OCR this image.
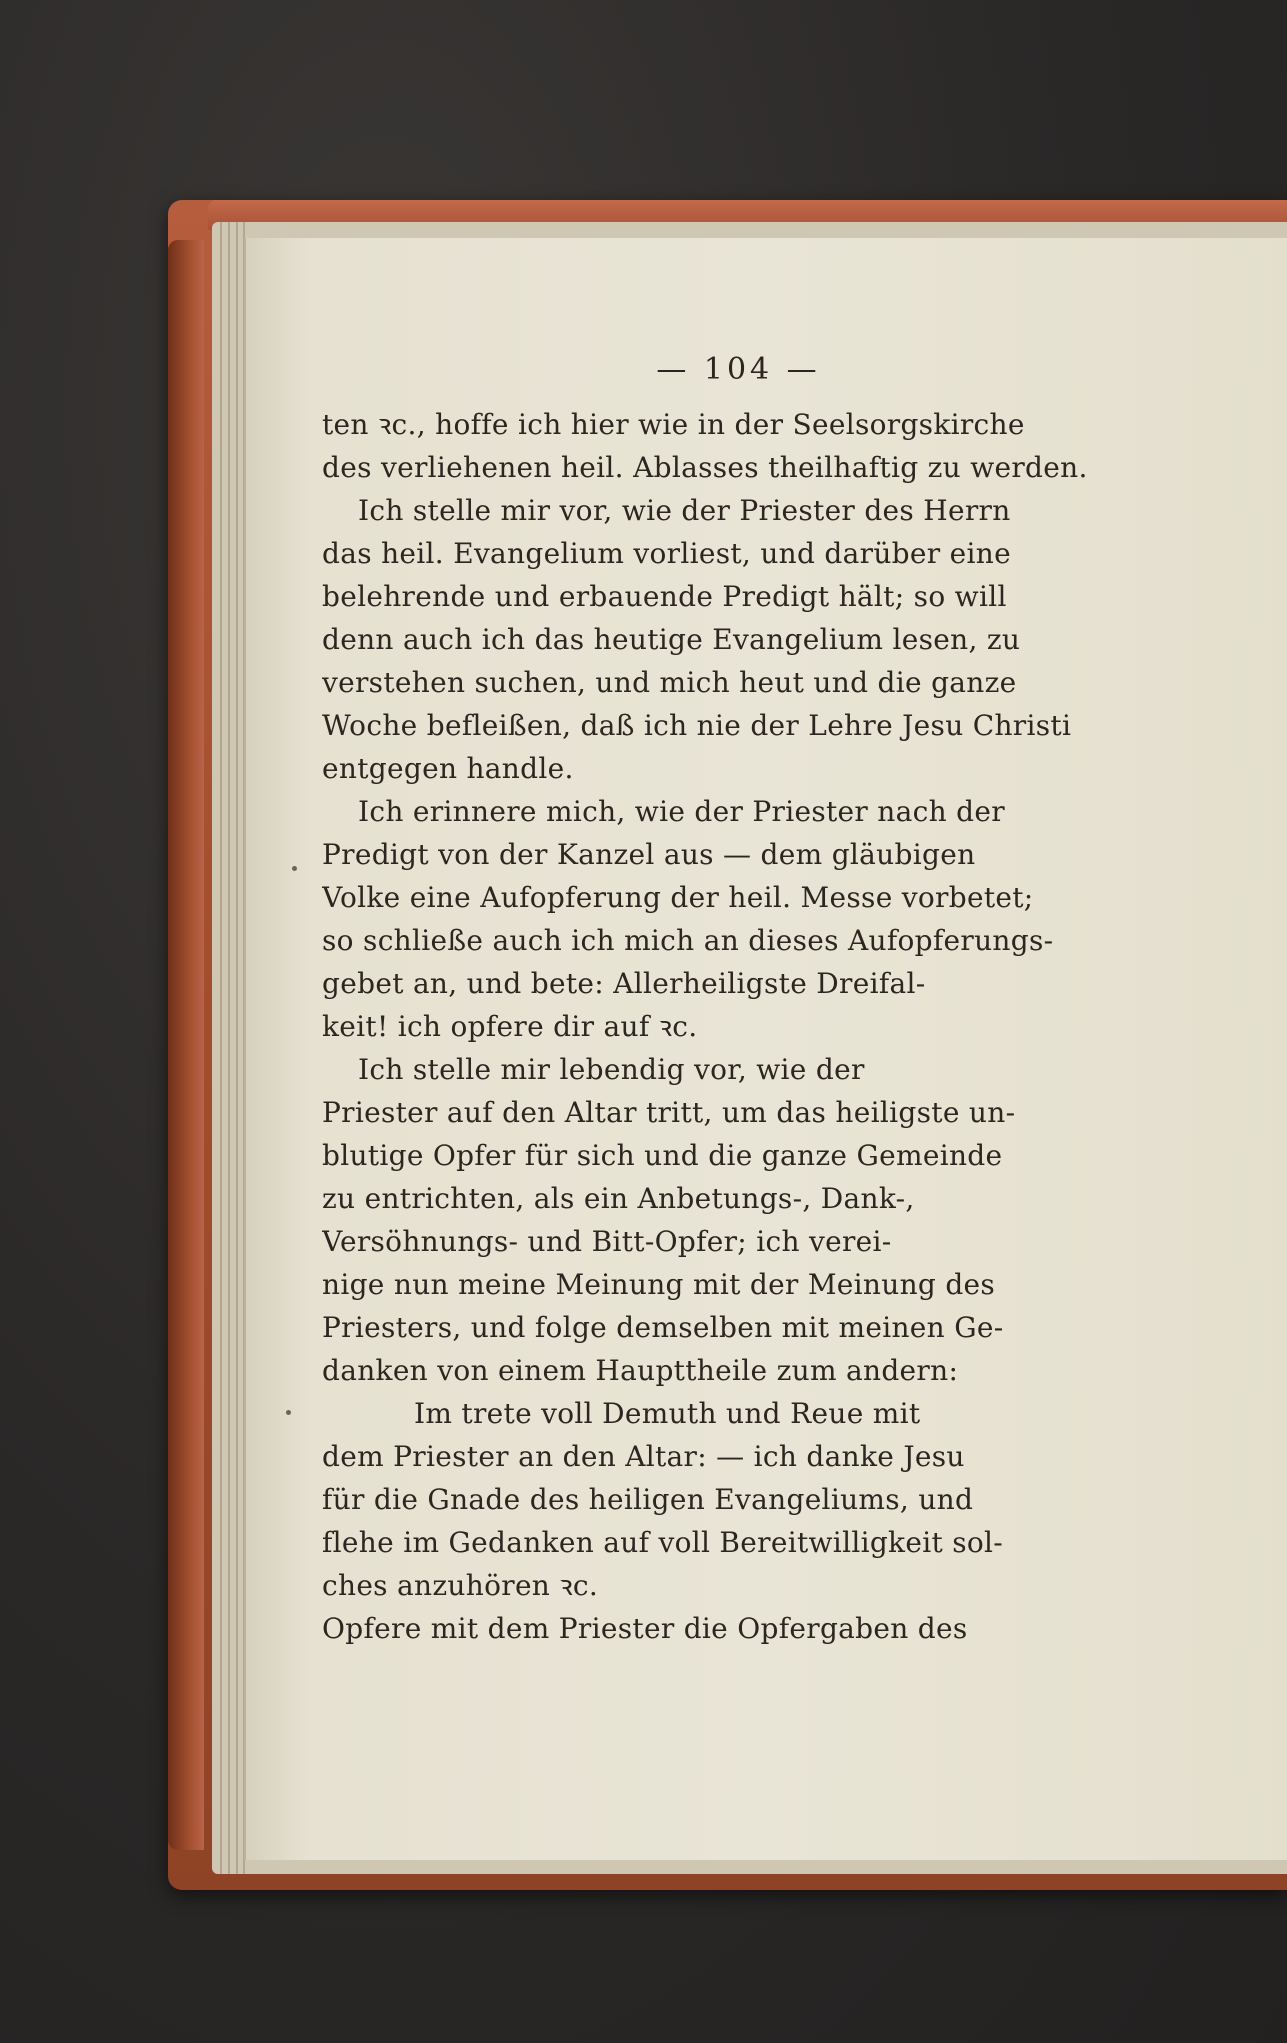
— 104 —

ten ꝛc., hoffe ich hier wie in der Seelsorgskirche
des verliehenen heil. Ablasses theilhaftig zu werden.

Ich stelle mir vor, wie der Priester des Herrn
das heil. Evangelium vorliest, und darüber eine
belehrende und erbauende Predigt hält; so will
denn auch ich das heutige Evangelium lesen, zu
verstehen suchen, und mich heut und die ganze
Woche befleißen, daß ich nie der Lehre Jesu Christi
entgegen handle.

Ich erinnere mich, wie der Priester nach der
Predigt von der Kanzel aus — dem gläubigen
Volke eine Aufopferung der heil. Messe vorbetet;
so schließe auch ich mich an dieses Aufopferungs-
gebet an, und bete: Allerheiligste Dreifal-
keit! ich opfere dir auf ꝛc.

Ich stelle mir lebendig vor, wie der
Priester auf den Altar tritt, um das heiligste un-
blutige Opfer für sich und die ganze Gemeinde
zu entrichten, als ein Anbetungs-, Dank-,
Versöhnungs- und Bitt-Opfer; ich verei-
nige nun meine Meinung mit der Meinung des
Priesters, und folge demselben mit meinen Ge-
danken von einem Haupttheile zum andern:

Im trete voll Demuth und Reue mit
dem Priester an den Altar: — ich danke Jesu
für die Gnade des heiligen Evangeliums, und
flehe im Gedanken auf voll Bereitwilligkeit sol-
ches anzuhören ꝛc.

Opfere mit dem Priester die Opfergaben des
